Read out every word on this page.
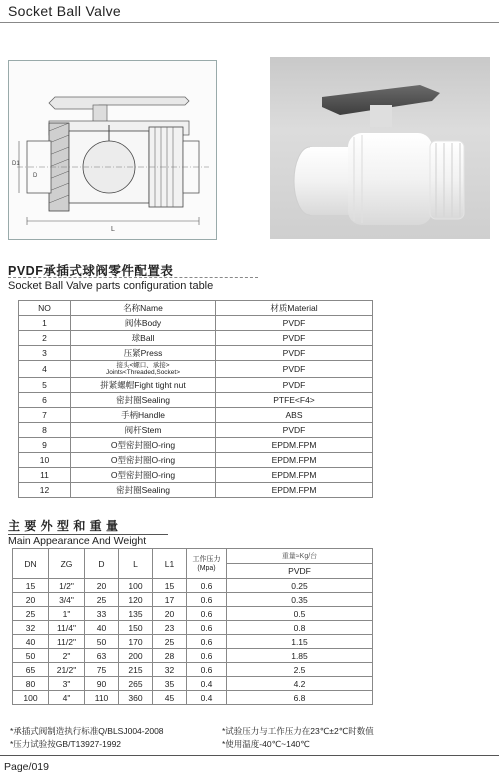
Socket Ball Valve
D1
D
L
PVDF承插式球阀零件配置表
Socket Ball Valve parts configuration table
NO	名称Name	材质Material
1	阀体Body	PVDF
2	球Ball	PVDF
3	压紧Press	PVDF
4	接头<螺口、承接>
Joints<Threaded,Socket>	PVDF
5	拼紧螺帽Fight tight nut	PVDF
6	密封圈Sealing	PTFE<F4>
7	手柄Handle	ABS
8	阀杆Stem	PVDF
9	O型密封圈O-ring	EPDM.FPM
10	O型密封圈O-ring	EPDM.FPM
11	O型密封圈O-ring	EPDM.FPM
12	密封圈Sealing	EPDM.FPM
主 要 外 型 和 重 量
Main Appearance And Weight
DN	ZG	D	L	L1	工作压力
(Mpa)	重量≈Kg/台
						PVDF
15	1/2"	20	100	15	0.6	0.25
20	3/4"	25	120	17	0.6	0.35
25	1"	33	135	20	0.6	0.5
32	11/4"	40	150	23	0.6	0.8
40	11/2"	50	170	25	0.6	1.15
50	2"	63	200	28	0.6	1.85
65	21/2"	75	215	32	0.6	2.5
80	3"	90	265	35	0.4	4.2
100	4"	110	360	45	0.4	6.8
*承插式阀制造执行标准Q/BLSJ004-2008	*试验压力与工作压力在23℃±2℃时数值
*压力试验按GB/T13927-1992	*使用温度-40℃~140℃
Page/019
